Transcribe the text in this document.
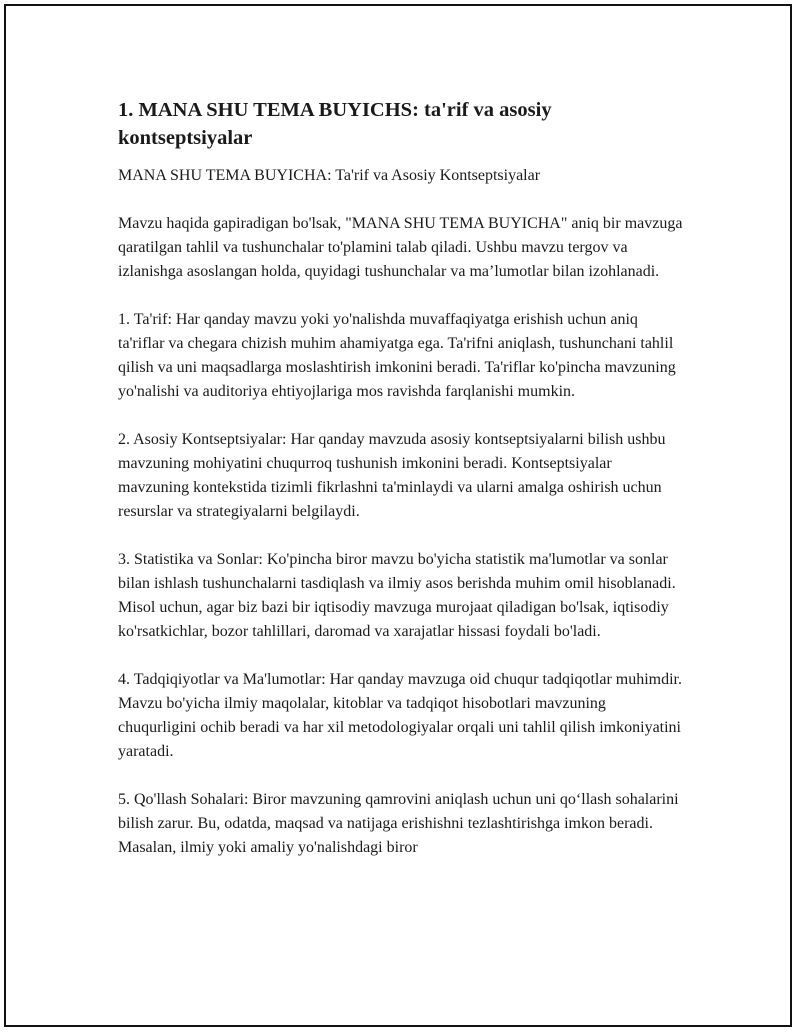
1. MANA SHU TEMA BUYICHS: ta'rif va asosiy kontseptsiyalar

MANA SHU TEMA BUYICHA: Ta'rif va Asosiy Kontseptsiyalar

Mavzu haqida gapiradigan bo'lsak, "MANA SHU TEMA BUYICHA" aniq bir mavzuga qaratilgan tahlil va tushunchalar to'plamini talab qiladi. Ushbu mavzu tergov va izlanishga asoslangan holda, quyidagi tushunchalar va ma’lumotlar bilan izohlanadi.

1. Ta'rif: Har qanday mavzu yoki yo'nalishda muvaffaqiyatga erishish uchun aniq ta'riflar va chegara chizish muhim ahamiyatga ega. Ta'rifni aniqlash, tushunchani tahlil qilish va uni maqsadlarga moslashtirish imkonini beradi. Ta'riflar ko'pincha mavzuning yo'nalishi va auditoriya ehtiyojlariga mos ravishda farqlanishi mumkin.

2. Asosiy Kontseptsiyalar: Har qanday mavzuda asosiy kontseptsiyalarni bilish ushbu mavzuning mohiyatini chuqurroq tushunish imkonini beradi. Kontseptsiyalar mavzuning kontekstida tizimli fikrlashni ta'minlaydi va ularni amalga oshirish uchun resurslar va strategiyalarni belgilaydi.

3. Statistika va Sonlar: Ko'pincha biror mavzu bo'yicha statistik ma'lumotlar va sonlar bilan ishlash tushunchalarni tasdiqlash va ilmiy asos berishda muhim omil hisoblanadi. Misol uchun, agar biz bazi bir iqtisodiy mavzuga murojaat qiladigan bo'lsak, iqtisodiy ko'rsatkichlar, bozor tahlillari, daromad va xarajatlar hissasi foydali bo'ladi.

4. Tadqiqiyotlar va Ma'lumotlar: Har qanday mavzuga oid chuqur tadqiqotlar muhimdir. Mavzu bo'yicha ilmiy maqolalar, kitoblar va tadqiqot hisobotlari mavzuning chuqurligini ochib beradi va har xil metodologiyalar orqali uni tahlil qilish imkoniyatini yaratadi.

5. Qo'llash Sohalari: Biror mavzuning qamrovini aniqlash uchun uni qo‘llash sohalarini bilish zarur. Bu, odatda, maqsad va natijaga erishishni tezlashtirishga imkon beradi. Masalan, ilmiy yoki amaliy yo'nalishdagi biror
